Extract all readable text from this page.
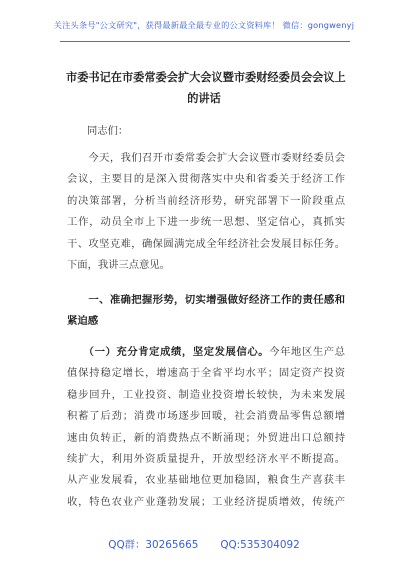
关注头条号"公文研究"，获得最新最全最专业的公文资料库！ 微信：gongwenyj
市委书记在市委常委会扩大会议暨市委财经委员会会议上
的讲话
同志们：
　　今天，我们召开市委常委会扩大会议暨市委财经委员会
会议，主要目的是深入贯彻落实中央和省委关于经济工作
的决策部署，分析当前经济形势，研究部署下一阶段重点
工作，动员全市上下进一步统一思想、坚定信心，真抓实
干、攻坚克难，确保圆满完成全年经济社会发展目标任务。
下面，我讲三点意见。
　　一、准确把握形势，切实增强做好经济工作的责任感和
紧迫感
　　（一）充分肯定成绩，坚定发展信心。今年地区生产总
值保持稳定增长，增速高于全省平均水平；固定资产投资
稳步回升，工业投资、制造业投资增长较快，为未来发展
积蓄了后劲；消费市场逐步回暖，社会消费品零售总额增
速由负转正，新的消费热点不断涌现；外贸进出口总额持
续扩大，利用外资质量提升，开放型经济水平不断提高。
从产业发展看，农业基础地位更加稳固，粮食生产喜获丰
收，特色农业产业蓬勃发展；工业经济提质增效，传统产
QQ群：30265665 QQ:535304092
